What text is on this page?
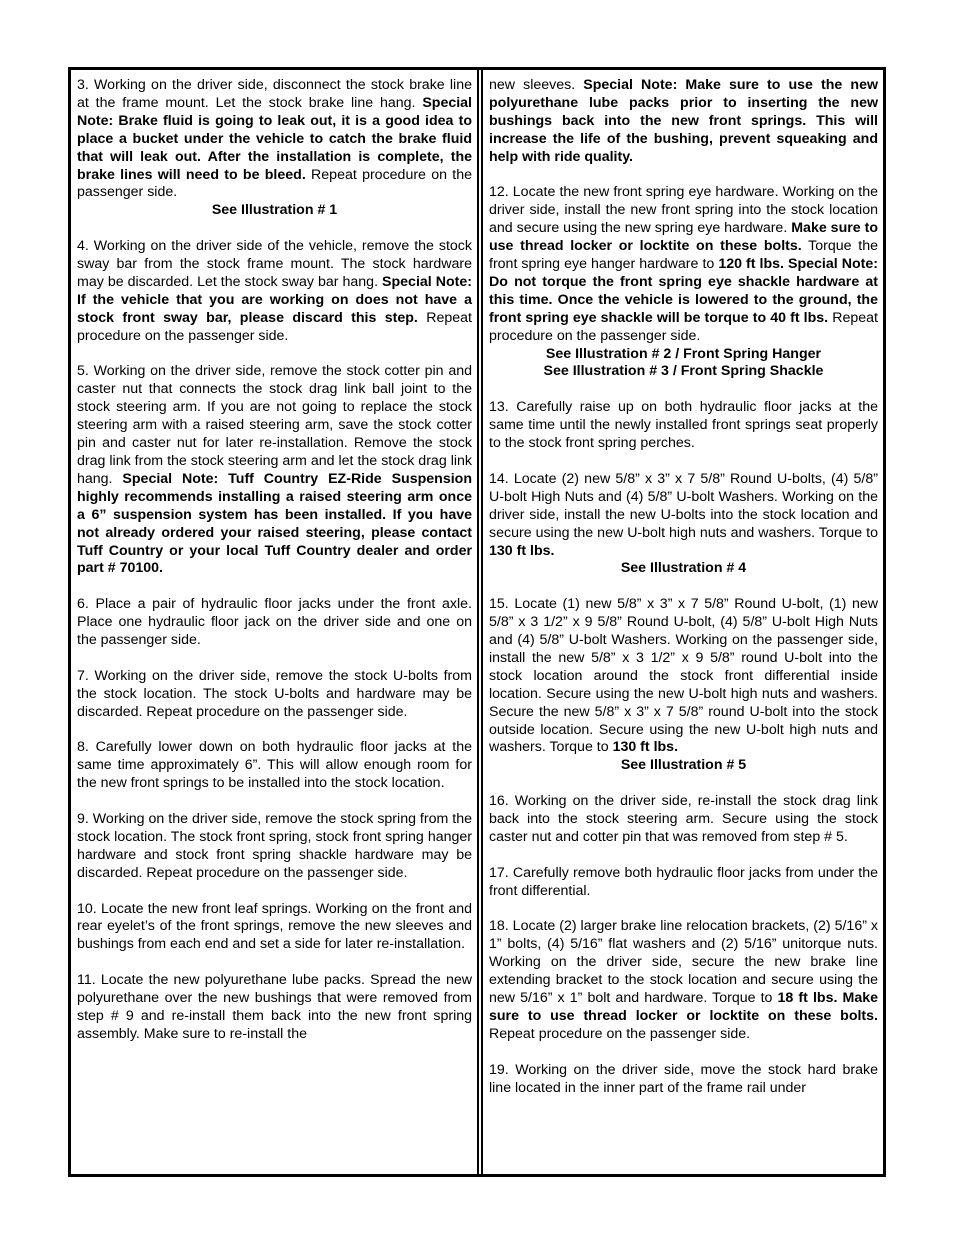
3. Working on the driver side, disconnect the stock brake line at the frame mount. Let the stock brake line hang. Special Note: Brake fluid is going to leak out, it is a good idea to place a bucket under the vehicle to catch the brake fluid that will leak out. After the installation is complete, the brake lines will need to be bleed. Repeat procedure on the passenger side.
See Illustration # 1
4. Working on the driver side of the vehicle, remove the stock sway bar from the stock frame mount. The stock hardware may be discarded. Let the stock sway bar hang. Special Note: If the vehicle that you are working on does not have a stock front sway bar, please discard this step. Repeat procedure on the passenger side.
5. Working on the driver side, remove the stock cotter pin and caster nut that connects the stock drag link ball joint to the stock steering arm. If you are not going to replace the stock steering arm with a raised steering arm, save the stock cotter pin and caster nut for later re-installation. Remove the stock drag link from the stock steering arm and let the stock drag link hang. Special Note: Tuff Country EZ-Ride Suspension highly recommends installing a raised steering arm once a 6” suspension system has been installed. If you have not already ordered your raised steering, please contact Tuff Country or your local Tuff Country dealer and order part # 70100.
6. Place a pair of hydraulic floor jacks under the front axle. Place one hydraulic floor jack on the driver side and one on the passenger side.
7. Working on the driver side, remove the stock U-bolts from the stock location. The stock U-bolts and hardware may be discarded. Repeat procedure on the passenger side.
8. Carefully lower down on both hydraulic floor jacks at the same time approximately 6”. This will allow enough room for the new front springs to be installed into the stock location.
9. Working on the driver side, remove the stock spring from the stock location. The stock front spring, stock front spring hanger hardware and stock front spring shackle hardware may be discarded. Repeat procedure on the passenger side.
10. Locate the new front leaf springs. Working on the front and rear eyelet’s of the front springs, remove the new sleeves and bushings from each end and set a side for later re-installation.
11. Locate the new polyurethane lube packs. Spread the new polyurethane over the new bushings that were removed from step # 9 and re-install them back into the new front spring assembly. Make sure to re-install the
new sleeves. Special Note: Make sure to use the new polyurethane lube packs prior to inserting the new bushings back into the new front springs. This will increase the life of the bushing, prevent squeaking and help with ride quality.
12. Locate the new front spring eye hardware. Working on the driver side, install the new front spring into the stock location and secure using the new spring eye hardware. Make sure to use thread locker or locktite on these bolts. Torque the front spring eye hanger hardware to 120 ft lbs. Special Note: Do not torque the front spring eye shackle hardware at this time. Once the vehicle is lowered to the ground, the front spring eye shackle will be torque to 40 ft lbs. Repeat procedure on the passenger side.
See Illustration # 2 / Front Spring Hanger
See Illustration # 3 / Front Spring Shackle
13. Carefully raise up on both hydraulic floor jacks at the same time until the newly installed front springs seat properly to the stock front spring perches.
14. Locate (2) new 5/8” x 3” x 7 5/8” Round U-bolts, (4) 5/8” U-bolt High Nuts and (4) 5/8” U-bolt Washers. Working on the driver side, install the new U-bolts into the stock location and secure using the new U-bolt high nuts and washers. Torque to 130 ft lbs.
See Illustration # 4
15. Locate (1) new 5/8” x 3” x 7 5/8” Round U-bolt, (1) new 5/8” x 3 1/2” x 9 5/8” Round U-bolt, (4) 5/8” U-bolt High Nuts and (4) 5/8” U-bolt Washers. Working on the passenger side, install the new 5/8” x 3 1/2” x 9 5/8” round U-bolt into the stock location around the stock front differential inside location. Secure using the new U-bolt high nuts and washers. Secure the new 5/8” x 3” x 7 5/8” round U-bolt into the stock outside location. Secure using the new U-bolt high nuts and washers. Torque to 130 ft lbs.
See Illustration # 5
16. Working on the driver side, re-install the stock drag link back into the stock steering arm. Secure using the stock caster nut and cotter pin that was removed from step # 5.
17. Carefully remove both hydraulic floor jacks from under the front differential.
18. Locate (2) larger brake line relocation brackets, (2) 5/16” x 1” bolts, (4) 5/16” flat washers and (2) 5/16” unitorque nuts. Working on the driver side, secure the new brake line extending bracket to the stock location and secure using the new 5/16” x 1” bolt and hardware. Torque to 18 ft lbs. Make sure to use thread locker or locktite on these bolts. Repeat procedure on the passenger side.
19. Working on the driver side, move the stock hard brake line located in the inner part of the frame rail under
